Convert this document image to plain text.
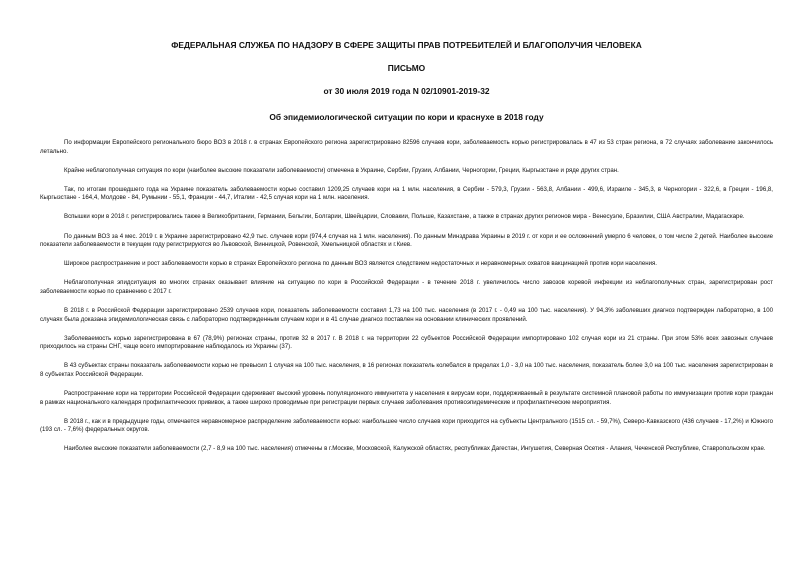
ФЕДЕРАЛЬНАЯ СЛУЖБА ПО НАДЗОРУ В СФЕРЕ ЗАЩИТЫ ПРАВ ПОТРЕБИТЕЛЕЙ И БЛАГОПОЛУЧИЯ ЧЕЛОВЕКА

ПИСЬМО

от 30 июля 2019 года N 02/10901-2019-32

Об эпидемиологической ситуации по кори и краснухе в 2018 году

По информации Европейского регионального бюро ВОЗ в 2018 г. в странах Европейского региона зарегистрировано 82596 случаев кори, заболеваемость корью регистрировалась в 47 из 53 стран региона, в 72 случаях заболевание закончилось летально.

Крайне неблагополучная ситуация по кори (наиболее высокие показатели заболеваемости) отмечена в Украине, Сербии, Грузии, Албании, Черногории, Греции, Кыргызстане и ряде других стран.

Так, по итогам прошедшего года на Украине показатель заболеваемости корью составил 1209,25 случаев кори на 1 млн. населения, в Сербии - 579,3, Грузии - 563,8, Албании - 499,6, Израиле - 345,3, в Черногории - 322,6, в Греции - 196,8, Кыргызстане - 164,4, Молдове - 84, Румынии - 55,1, Франции - 44,7, Италии - 42,5 случая кори на 1 млн. населения.

Вспышки кори в 2018 г. регистрировались также в Великобритании, Германии, Бельгии, Болгарии, Швейцарии, Словакии, Польше, Казахстане, а также в странах других регионов мира - Венесуэле, Бразилии, США Австралии, Мадагаскаре.

По данным ВОЗ за 4 мес. 2019 г. в Украине зарегистрировано 42,9 тыс. случаев кори (974,4 случая на 1 млн. населения). По данным Минздрава Украины в 2019 г. от кори и ее осложнений умерло 6 человек, о том числе 2 детей. Наиболее высокие показатели заболеваемости в текущем году регистрируются во Львовской, Винницкой, Ровенской, Хмельницкой областях и г.Киев.

Широкое распространение и рост заболеваемости корью в странах Европейского региона по данным ВОЗ является следствием недостаточных и неравномерных охватов вакцинацией против кори населения.

Неблагополучная эпидситуация во многих странах оказывает влияние на ситуацию по кори в Российской Федерации - в течение 2018 г. увеличилось число завозов коревой инфекции из неблагополучных стран, зарегистрирован рост заболеваемости корью по сравнению с 2017 г.

В 2018 г. в Российской Федерации зарегистрировано 2539 случаев кори, показатель заболеваемости составил 1,73 на 100 тыс. населения (в 2017 г. - 0,49 на 100 тыс. населения). У 94,3% заболевших диагноз подтвержден лабораторно, в 100 случаях была доказана эпидемиологическая связь с лабораторно подтвержденным случаем кори и в 41 случае диагноз поставлен на основании клинических проявлений.

Заболеваемость корью зарегистрирована в 67 (78,9%) регионах страны, против 32 в 2017 г. В 2018 г. на территории 22 субъектов Российской Федерации импортировано 102 случая кори из 21 страны. При этом 53% всех завозных случаев приходилось на страны СНГ, чаще всего импортирование наблюдалось из Украины (37).

В 43 субъектах страны показатель заболеваемости корью не превысил 1 случая на 100 тыс. населения, в 16 регионах показатель колебался в пределах 1,0 - 3,0 на 100 тыс. населения, показатель более 3,0 на 100 тыс. населения зарегистрирован в 8 субъектах Российской Федерации.

Распространение кори на территории Российской Федерации сдерживает высокий уровень популяционного иммунитета у населения к вирусам кори, поддерживаемый в результате системной плановой работы по иммунизации против кори граждан в рамках национального календаря профилактических прививок, а также широко проводимые при регистрации первых случаев заболевания противоэпидемические и профилактические мероприятия.

В 2018 г., как и в предыдущие годы, отмечается неравномерное распределение заболеваемости корью: наибольшее число случаев кори приходится на субъекты Центрального (1515 сл. - 59,7%), Северо-Кавказского (436 случаев - 17,2%) и Южного (193 сл. - 7,6%) федеральных округов.

Наиболее высокие показатели заболеваемости (2,7 - 8,9 на 100 тыс. населения) отмечены в г.Москве, Московской, Калужской областях, республиках Дагестан, Ингушетия, Северная Осетия - Алания, Чеченской Республике, Ставропольском крае.
